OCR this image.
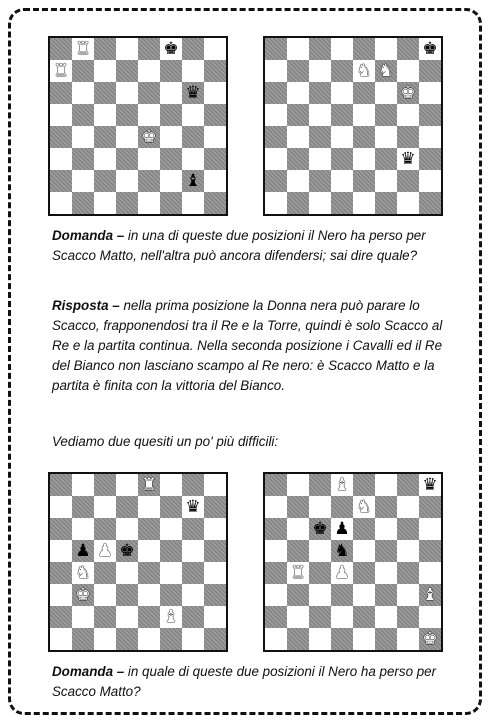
♜	♚
♜
♛
♚
♝
♚
♞ ♞
♚
♛

Domanda – in una di queste due posizioni il Nero ha perso per Scacco Matto, nell'altra può ancora difendersi; sai dire quale?

Risposta – nella prima posizione la Donna nera può parare lo Scacco, frapponendosi tra il Re e la Torre, quindi è solo Scacco al Re e la partita continua. Nella seconda posizione i Cavalli ed il Re del Bianco non lasciano scampo al Re nero: è Scacco Matto e la partita è finita con la vittoria del Bianco.

Vediamo due quesiti un po' più difficili:

♜
♛
♟ ♟ ♚
♞
♚
♝
♝	♛
♞
♚ ♟
♞
♜ ♟
♝
♚

Domanda – in quale di queste due posizioni il Nero ha perso per Scacco Matto?
